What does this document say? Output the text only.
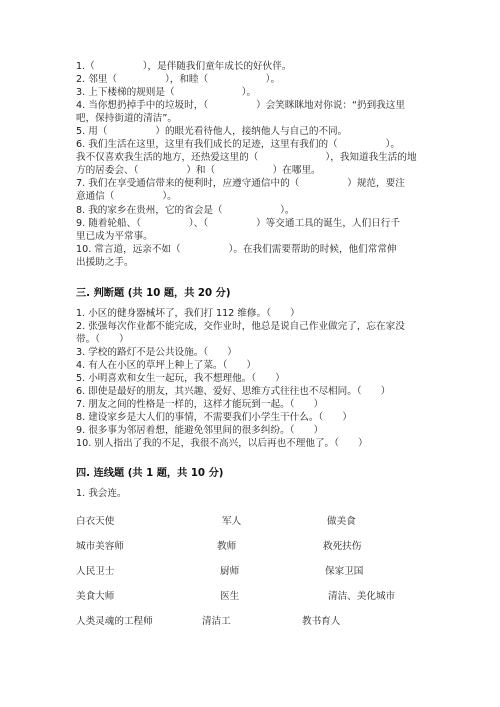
1.（　　　　　），是伴随我们童年成长的好伙伴。
2. 邻里（　　　　　），和睦（　　　　　　）。
3. 上下楼梯的规则是（　　　　　　　）。
4. 当你想扔掉手中的垃圾时，（　　　　　）会笑眯眯地对你说：“扔到我这里
吧，保持街道的清洁”。
5. 用（　　　　　）的眼光看待他人，接纳他人与自己的不同。
6. 我们生活在这里，这里有我们成长的足迹，这里有我们的（　　　　　）。
我不仅喜欢我生活的地方，还热爱这里的（　　　　　　　），我知道我生活的地
方的居委会、（　　　　　）和（　　　　　　）在哪里。
7. 我们在享受通信带来的便利时，应遵守通信中的（　　　　　）规范，要注
意通信（　　　　　）。
8. 我的家乡在贵州，它的省会是（　　　　　　）。
9. 随着轮船、（　　　　　）、（　　　　　）等交通工具的诞生，人们日行千
里已成为平常事。
10. 常言道，远亲不如（　　　　　）。在我们需要帮助的时候，他们常常伸
出援助之手。
三. 判断题 (共 10 题，共 20 分)
1. 小区的健身器械坏了，我们打 112 维修。（　　）
2. 张强每次作业都不能完成，交作业时，他总是说自己作业做完了，忘在家没
带。（　　）
3. 学校的路灯不是公共设施。（　　）
4. 有人在小区的草坪上种上了菜。（　　）
5. 小明喜欢和女生一起玩，我不想理他。（　　）
6. 即使是最好的朋友，其兴趣、爱好、思维方式往往也不尽相同。（　　）
7. 朋友之间的性格是一样的，这样才能玩到一起。（　　）
8. 建设家乡是大人们的事情，不需要我们小学生干什么。（　　）
9. 很多事为邻居着想，能避免邻里间的很多纠纷。（　　）
10. 别人指出了我的不足，我很不高兴，以后再也不理他了。（　　）
四. 连线题 (共 1 题，共 10 分)
1. 我会连。
白衣天使	军人	做美食
城市美容师	教师	救死扶伤
人民卫士	厨师	保家卫国
美食大师	医生	清洁、美化城市
人类灵魂的工程师	清洁工	教书育人
